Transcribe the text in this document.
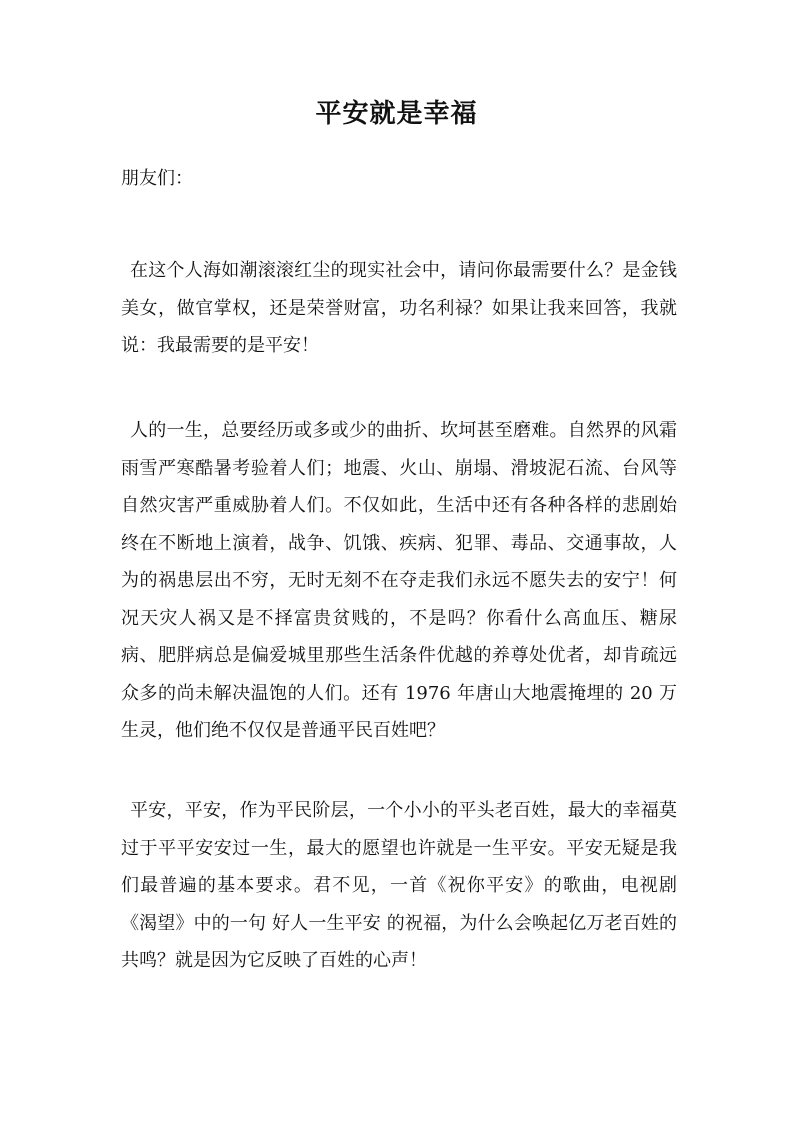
平安就是幸福
朋友们：

在这个人海如潮滚滚红尘的现实社会中，请问你最需要什么？是金钱美女，做官掌权，还是荣誉财富，功名利禄？如果让我来回答，我就说：我最需要的是平安！

人的一生，总要经历或多或少的曲折、坎坷甚至磨难。自然界的风霜雨雪严寒酷暑考验着人们；地震、火山、崩塌、滑坡泥石流、台风等自然灾害严重威胁着人们。不仅如此，生活中还有各种各样的悲剧始终在不断地上演着，战争、饥饿、疾病、犯罪、毒品、交通事故，人为的祸患层出不穷，无时无刻不在夺走我们永远不愿失去的安宁！何况天灾人祸又是不择富贵贫贱的，不是吗？你看什么高血压、糖尿病、肥胖病总是偏爱城里那些生活条件优越的养尊处优者，却肯疏远众多的尚未解决温饱的人们。还有 1976 年唐山大地震掩埋的 20 万生灵，他们绝不仅仅是普通平民百姓吧？

平安，平安，作为平民阶层，一个小小的平头老百姓，最大的幸福莫过于平平安安过一生，最大的愿望也许就是一生平安。平安无疑是我们最普遍的基本要求。君不见，一首《祝你平安》的歌曲，电视剧《渴望》中的一句 好人一生平安 的祝福，为什么会唤起亿万老百姓的共鸣？就是因为它反映了百姓的心声！
